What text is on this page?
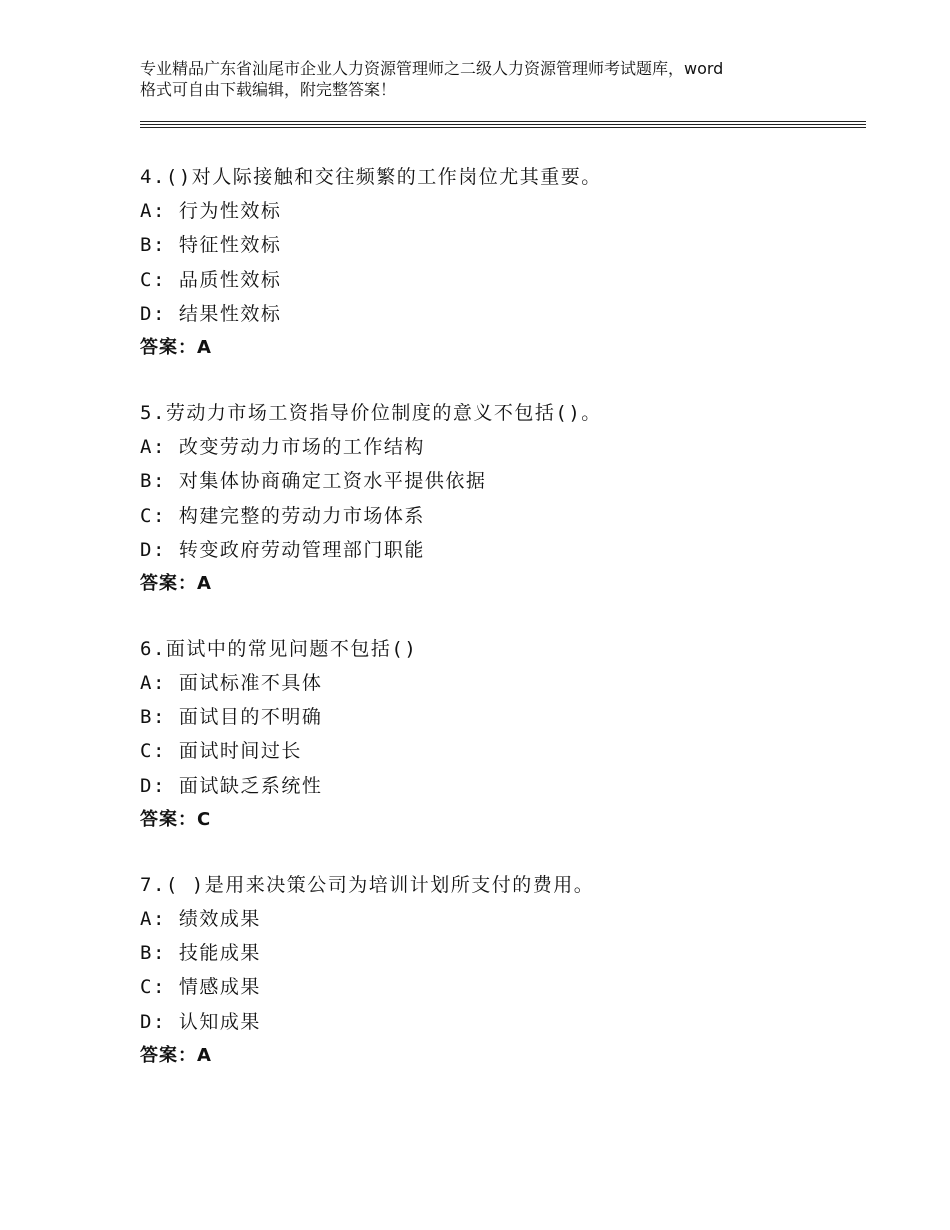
专业精品广东省汕尾市企业人力资源管理师之二级人力资源管理师考试题库，word
格式可自由下载编辑，附完整答案！
4.()对人际接触和交往频繁的工作岗位尤其重要。
A: 行为性效标
B: 特征性效标
C: 品质性效标
D: 结果性效标
答案：A
5.劳动力市场工资指导价位制度的意义不包括()。
A: 改变劳动力市场的工作结构
B: 对集体协商确定工资水平提供依据
C: 构建完整的劳动力市场体系
D: 转变政府劳动管理部门职能
答案：A
6.面试中的常见问题不包括()
A: 面试标准不具体
B: 面试目的不明确
C: 面试时间过长
D: 面试缺乏系统性
答案：C
7.( )是用来决策公司为培训计划所支付的费用。
A: 绩效成果
B: 技能成果
C: 情感成果
D: 认知成果
答案：A
